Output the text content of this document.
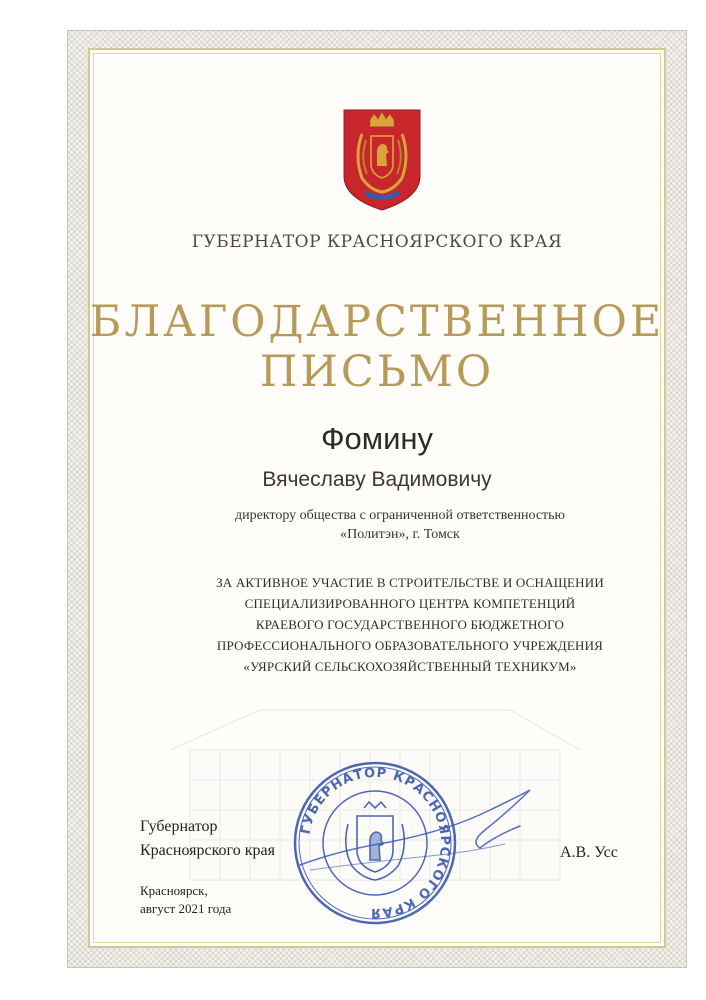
ГУБЕРНАТОР КРАСНОЯРСКОГО КРАЯ

БЛАГОДАРСТВЕННОЕ

ПИСЬМО

Фомину

Вячеславу Вадимовичу

директору общества с ограниченной ответственностью

«Политэн», г. Томск

ЗА АКТИВНОЕ УЧАСТИЕ В СТРОИТЕЛЬСТВЕ И ОСНАЩЕНИИ

СПЕЦИАЛИЗИРОВАННОГО ЦЕНТРА КОМПЕТЕНЦИЙ

КРАЕВОГО ГОСУДАРСТВЕННОГО БЮДЖЕТНОГО

ПРОФЕССИОНАЛЬНОГО ОБРАЗОВАТЕЛЬНОГО УЧРЕЖДЕНИЯ

«УЯРСКИЙ СЕЛЬСКОХОЗЯЙСТВЕННЫЙ ТЕХНИКУМ»

Губернатор

Красноярского края	А.В. Усс

Красноярск,

август 2021 года

ГУБЕРНАТОР КРАСНОЯРСКОГО КРАЯ
